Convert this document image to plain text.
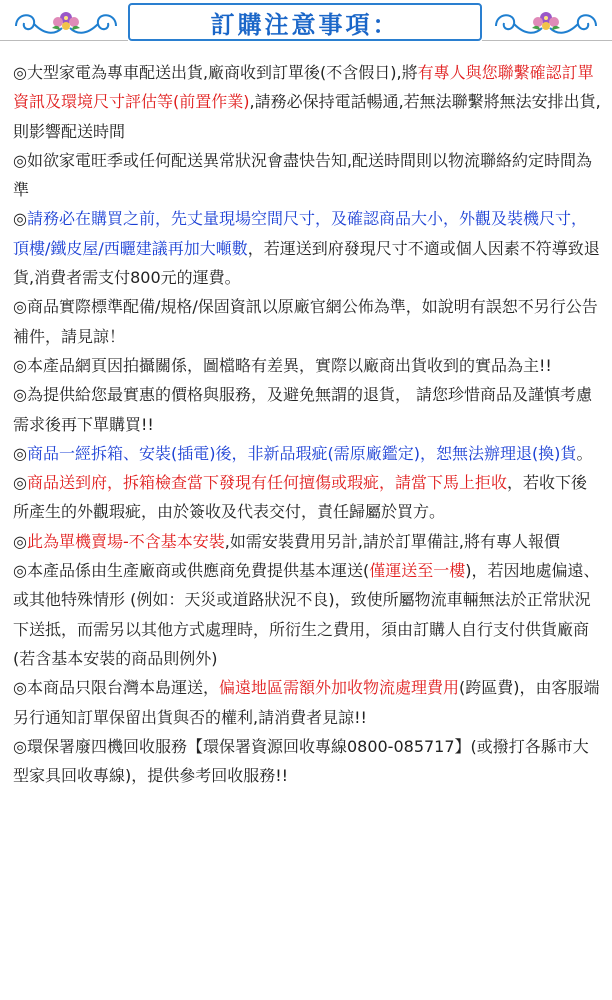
訂購注意事項：

◎大型家電為專車配送出貨,廠商收到訂單後(不含假日),將有專人與您聯繫確認訂單資訊及環境尺寸評估等(前置作業),請務必保持電話暢通,若無法聯繫將無法安排出貨,則影響配送時間

◎如欲家電旺季或任何配送異常狀況會盡快告知,配送時間則以物流聯絡約定時間為準

◎請務必在購買之前，先丈量現場空間尺寸，及確認商品大小，外觀及裝機尺寸，頂樓/鐵皮屋/西曬建議再加大噸數，若運送到府發現尺寸不適或個人因素不符導致退貨,消費者需支付800元的運費。

◎商品實際標準配備/規格/保固資訊以原廠官網公佈為準，如說明有誤恕不另行公告補件，請見諒！

◎本產品網頁因拍攝關係，圖檔略有差異，實際以廠商出貨收到的實品為主!!

◎為提供給您最實惠的價格與服務，及避免無謂的退貨， 請您珍惜商品及謹慎考慮需求後再下單購買!!

◎商品一經拆箱、安裝(插電)後，非新品瑕疵(需原廠鑑定)，恕無法辦理退(換)貨。

◎商品送到府，拆箱檢查當下發現有任何擅傷或瑕疵，請當下馬上拒收，若收下後所產生的外觀瑕疵，由於簽收及代表交付，責任歸屬於買方。

◎此為單機賣場-不含基本安裝,如需安裝費用另計,請於訂單備註,將有專人報價

◎本產品係由生產廠商或供應商免費提供基本運送(僅運送至一樓)，若因地處偏遠、或其他特殊情形 (例如：天災或道路狀況不良)，致使所屬物流車輛無法於正常狀況下送抵，而需另以其他方式處理時，所衍生之費用，須由訂購人自行支付供貨廠商(若含基本安裝的商品則例外)

◎本商品只限台灣本島運送，偏遠地區需額外加收物流處理費用(跨區費)，由客服端另行通知訂單保留出貨與否的權利,請消費者見諒!!

◎環保署廢四機回收服務【環保署資源回收專線0800-085717】(或撥打各縣市大型家具回收專線)，提供參考回收服務!!
